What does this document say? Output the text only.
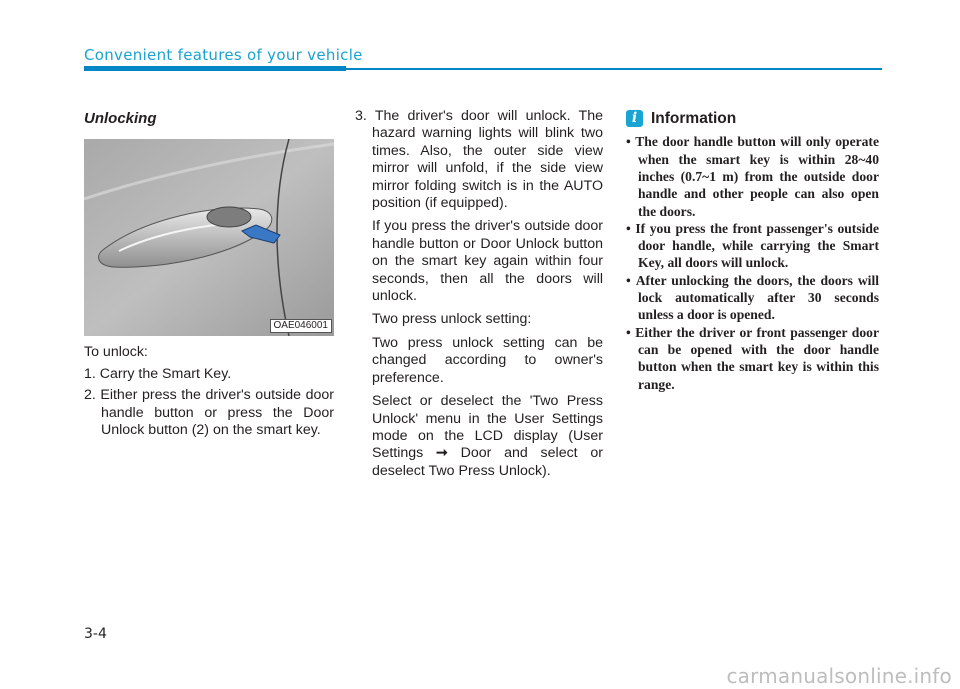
Convenient features of your vehicle
Unlocking
OAE046001

To unlock:

1. Carry the Smart Key.
2. Either press the driver's outside door handle button or press the Door Unlock button (2) on the smart key.
3. The driver's door will unlock. The hazard warning lights will blink two times. Also, the outer side view mirror will unfold, if the side view mirror folding switch is in the AUTO position (if equipped).

If you press the driver's outside door handle button or Door Unlock button on the smart key again within four seconds, then all the doors will unlock.

Two press unlock setting:

Two press unlock setting can be changed according to owner's preference.

Select or deselect the 'Two Press Unlock' menu in the User Settings mode on the LCD display (User Settings ➞ Door and select or deselect Two Press Unlock).

i Information
• The door handle button will only operate when the smart key is within 28~40 inches (0.7~1 m) from the outside door handle and other people can also open the doors.
• If you press the front passenger's outside door handle, while carrying the Smart Key, all doors will unlock.
• After unlocking the doors, the doors will lock automatically after 30 seconds unless a door is opened.
• Either the driver or front passenger door can be opened with the door handle button when the smart key is within this range.
3-4
carmanualsonline.info
